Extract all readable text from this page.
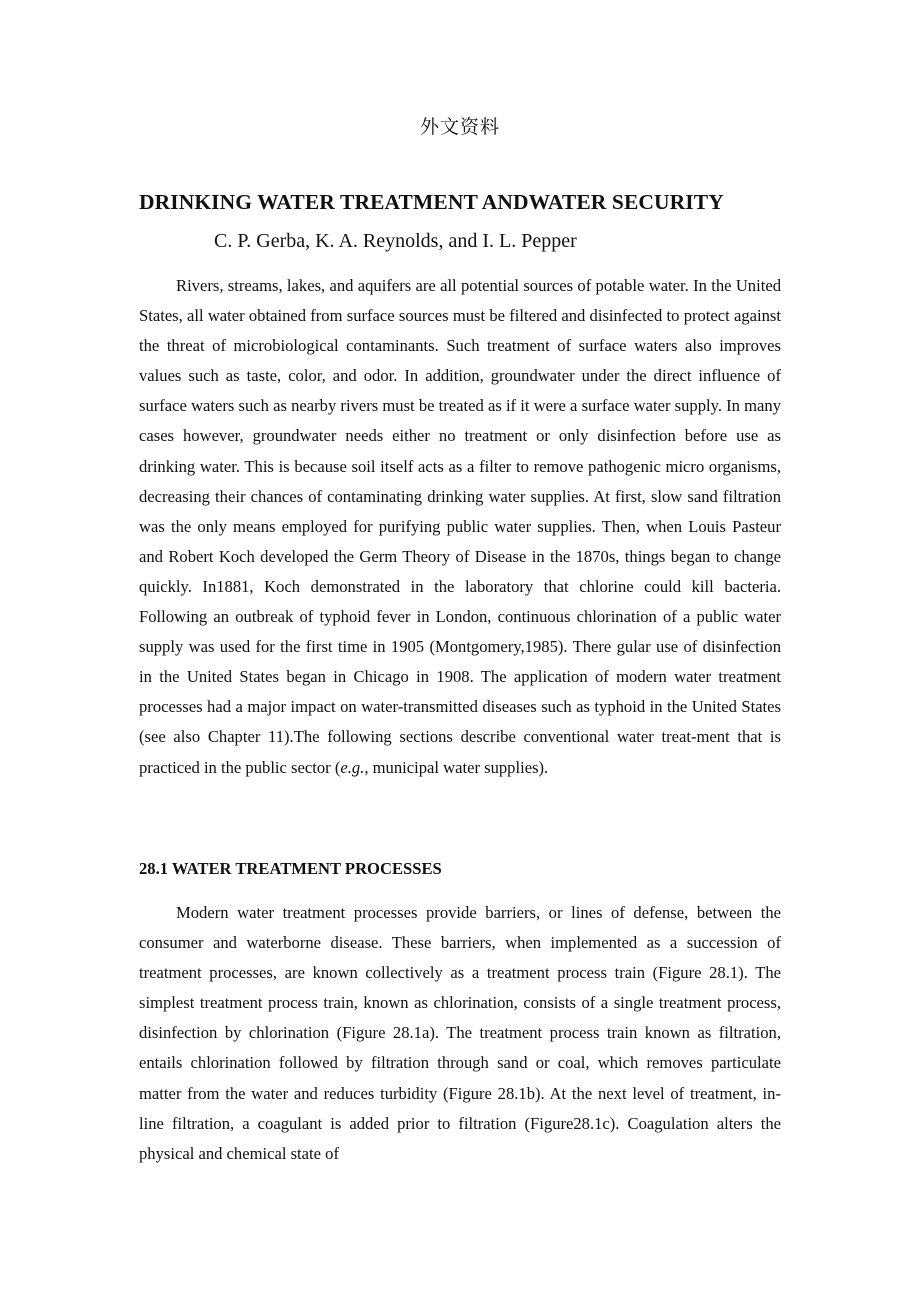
外文资料
DRINKING WATER TREATMENT ANDWATER SECURITY
C. P. Gerba, K. A. Reynolds, and I. L. Pepper

Rivers, streams, lakes, and aquifers are all potential sources of potable water. In the United States, all water obtained from surface sources must be filtered and disinfected to protect against the threat of microbiological contaminants. Such treatment of surface waters also improves values such as taste, color, and odor. In addition, groundwater under the direct influence of surface waters such as nearby rivers must be treated as if it were a surface water supply. In many cases however, groundwater needs either no treatment or only disinfection before use as drinking water. This is because soil itself acts as a filter to remove pathogenic micro organisms, decreasing their chances of contaminating drinking water supplies. At first, slow sand filtration was the only means employed for purifying public water supplies. Then, when Louis Pasteur and Robert Koch developed the Germ Theory of Disease in the 1870s, things began to change quickly. In1881, Koch demonstrated in the laboratory that chlorine could kill bacteria. Following an outbreak of typhoid fever in London, continuous chlorination of a public water supply was used for the first time in 1905 (Montgomery,1985). There gular use of disinfection in the United States began in Chicago in 1908. The application of modern water treatment processes had a major impact on water-transmitted diseases such as typhoid in the United States (see also Chapter 11).The following sections describe conventional water treat-ment that is practiced in the public sector (e.g., municipal water supplies).

28.1 WATER TREATMENT PROCESSES

Modern water treatment processes provide barriers, or lines of defense, between the consumer and waterborne disease. These barriers, when implemented as a succession of treatment processes, are known collectively as a treatment process train (Figure 28.1). The simplest treatment process train, known as chlorination, consists of a single treatment process, disinfection by chlorination (Figure 28.1a). The treatment process train known as filtration, entails chlorination followed by filtration through sand or coal, which removes particulate matter from the water and reduces turbidity (Figure 28.1b). At the next level of treatment, in-line filtration, a coagulant is added prior to filtration (Figure28.1c). Coagulation alters the physical and chemical state of
